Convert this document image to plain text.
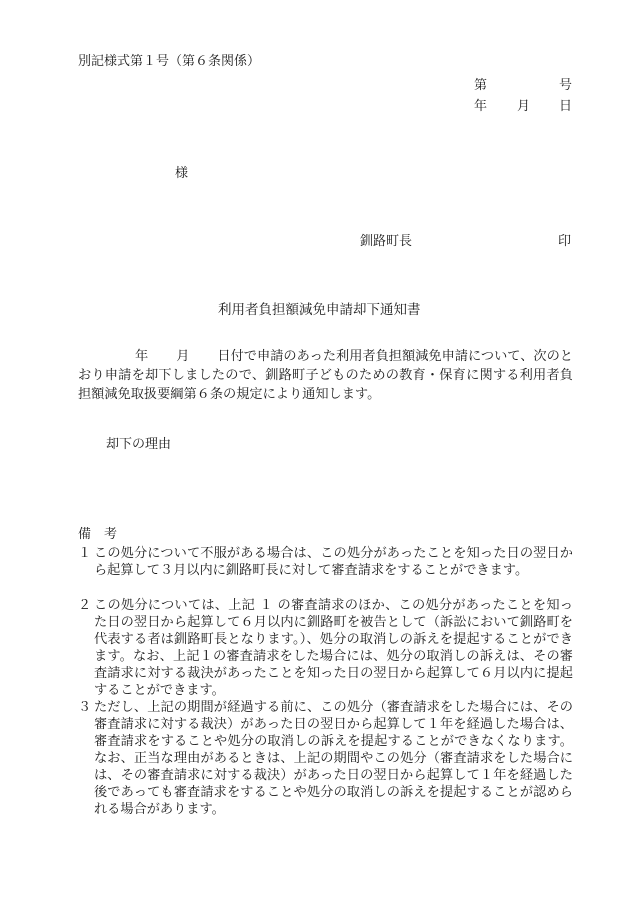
別記様式第１号（第６条関係）
第	号
年 月 日
様
釧路町長	印
利用者負担額減免申請却下通知書
年 月 日付で申請のあった利用者負担額減免申請について、次のとおり申請を却下しましたので、釧路町子どものための教育・保育に関する利用者負担額減免取扱要綱第６条の規定により通知します。
却下の理由
備　考
１ この処分について不服がある場合は、この処分があったことを知った日の翌日から起算して３月以内に釧路町長に対して審査請求をすることができます。
２ この処分については、上記 １ の審査請求のほか、この処分があったことを知った日の翌日から起算して６月以内に釧路町を被告として（訴訟において釧路町を代表する者は釧路町長となります。）、処分の取消しの訴えを提起することができます。なお、上記１の審査請求をした場合には、処分の取消しの訴えは、その審査請求に対する裁決があったことを知った日の翌日から起算して６月以内に提起することができます。
３ ただし、上記の期間が経過する前に、この処分（審査請求をした場合には、その審査請求に対する裁決）があった日の翌日から起算して１年を経過した場合は、審査請求をすることや処分の取消しの訴えを提起することができなくなります。なお、正当な理由があるときは、上記の期間やこの処分（審査請求をした場合には、その審査請求に対する裁決）があった日の翌日から起算して１年を経過した後であっても審査請求をすることや処分の取消しの訴えを提起することが認められる場合があります。
